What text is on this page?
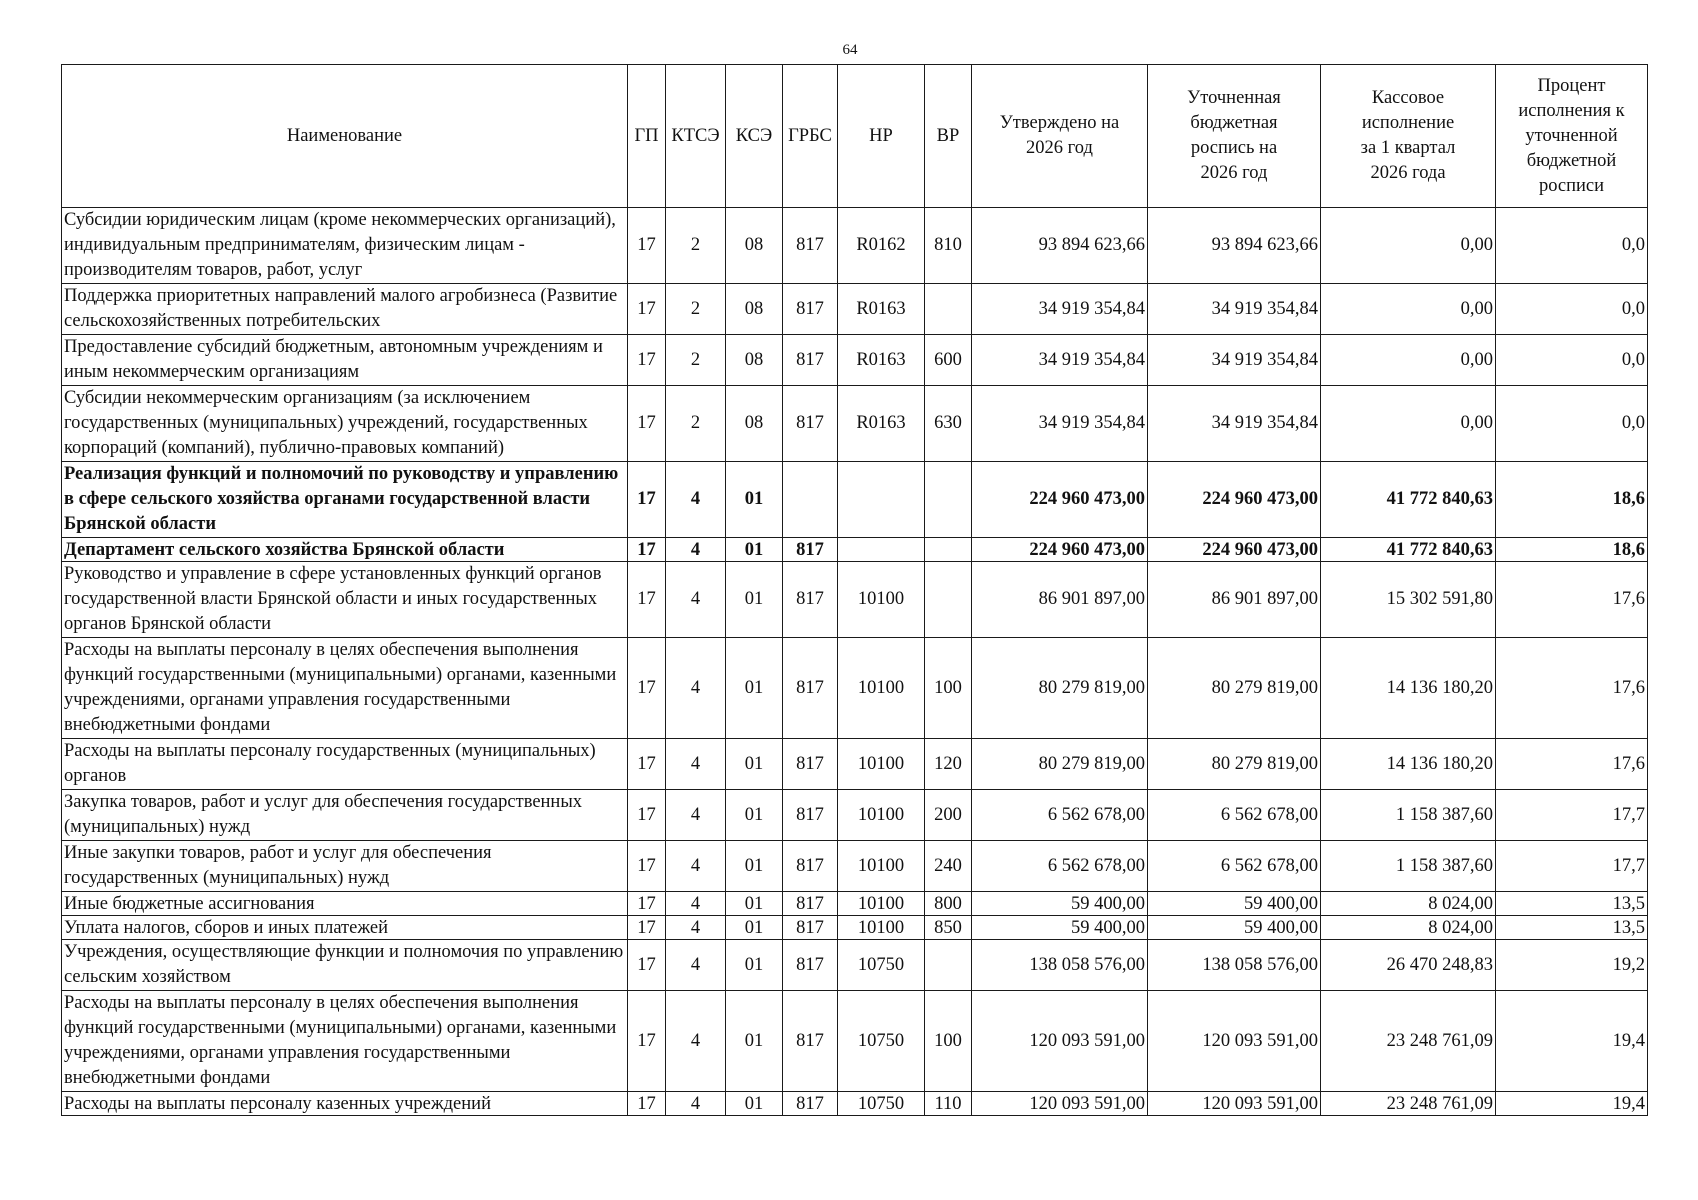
64
Наименование	ГП	КТСЭ	КСЭ	ГРБС	НР	ВР	Утверждено на 2026 год	Уточненная бюджетная роспись на 2026 год	Кассовое исполнение за 1 квартал 2026 года	Процент исполнения к уточненной бюджетной росписи
Субсидии юридическим лицам (кроме некоммерческих организаций), индивидуальным предпринимателям, физическим лицам - производителям товаров, работ, услуг	17	2	08	817	R0162	810	93 894 623,66	93 894 623,66	0,00	0,0
Поддержка приоритетных направлений малого агробизнеса (Развитие сельскохозяйственных потребительских	17	2	08	817	R0163		34 919 354,84	34 919 354,84	0,00	0,0
Предоставление субсидий бюджетным, автономным учреждениям и иным некоммерческим организациям	17	2	08	817	R0163	600	34 919 354,84	34 919 354,84	0,00	0,0
Субсидии некоммерческим организациям (за исключением государственных (муниципальных) учреждений, государственных корпораций (компаний), публично-правовых компаний)	17	2	08	817	R0163	630	34 919 354,84	34 919 354,84	0,00	0,0
Реализация функций и полномочий по руководству и управлению в сфере сельского хозяйства органами государственной власти Брянской области	17	4	01				224 960 473,00	224 960 473,00	41 772 840,63	18,6
Департамент сельского хозяйства Брянской области	17	4	01	817			224 960 473,00	224 960 473,00	41 772 840,63	18,6
Руководство и управление в сфере установленных функций органов государственной власти Брянской области и иных государственных органов Брянской области	17	4	01	817	10100		86 901 897,00	86 901 897,00	15 302 591,80	17,6
Расходы на выплаты персоналу в целях обеспечения выполнения функций государственными (муниципальными) органами, казенными учреждениями, органами управления государственными внебюджетными фондами	17	4	01	817	10100	100	80 279 819,00	80 279 819,00	14 136 180,20	17,6
Расходы на выплаты персоналу государственных (муниципальных) органов	17	4	01	817	10100	120	80 279 819,00	80 279 819,00	14 136 180,20	17,6
Закупка товаров, работ и услуг для обеспечения государственных (муниципальных) нужд	17	4	01	817	10100	200	6 562 678,00	6 562 678,00	1 158 387,60	17,7
Иные закупки товаров, работ и услуг для обеспечения государственных (муниципальных) нужд	17	4	01	817	10100	240	6 562 678,00	6 562 678,00	1 158 387,60	17,7
Иные бюджетные ассигнования	17	4	01	817	10100	800	59 400,00	59 400,00	8 024,00	13,5
Уплата налогов, сборов и иных платежей	17	4	01	817	10100	850	59 400,00	59 400,00	8 024,00	13,5
Учреждения, осуществляющие функции и полномочия по управлению сельским хозяйством	17	4	01	817	10750		138 058 576,00	138 058 576,00	26 470 248,83	19,2
Расходы на выплаты персоналу в целях обеспечения выполнения функций государственными (муниципальными) органами, казенными учреждениями, органами управления государственными внебюджетными фондами	17	4	01	817	10750	100	120 093 591,00	120 093 591,00	23 248 761,09	19,4
Расходы на выплаты персоналу казенных учреждений	17	4	01	817	10750	110	120 093 591,00	120 093 591,00	23 248 761,09	19,4
